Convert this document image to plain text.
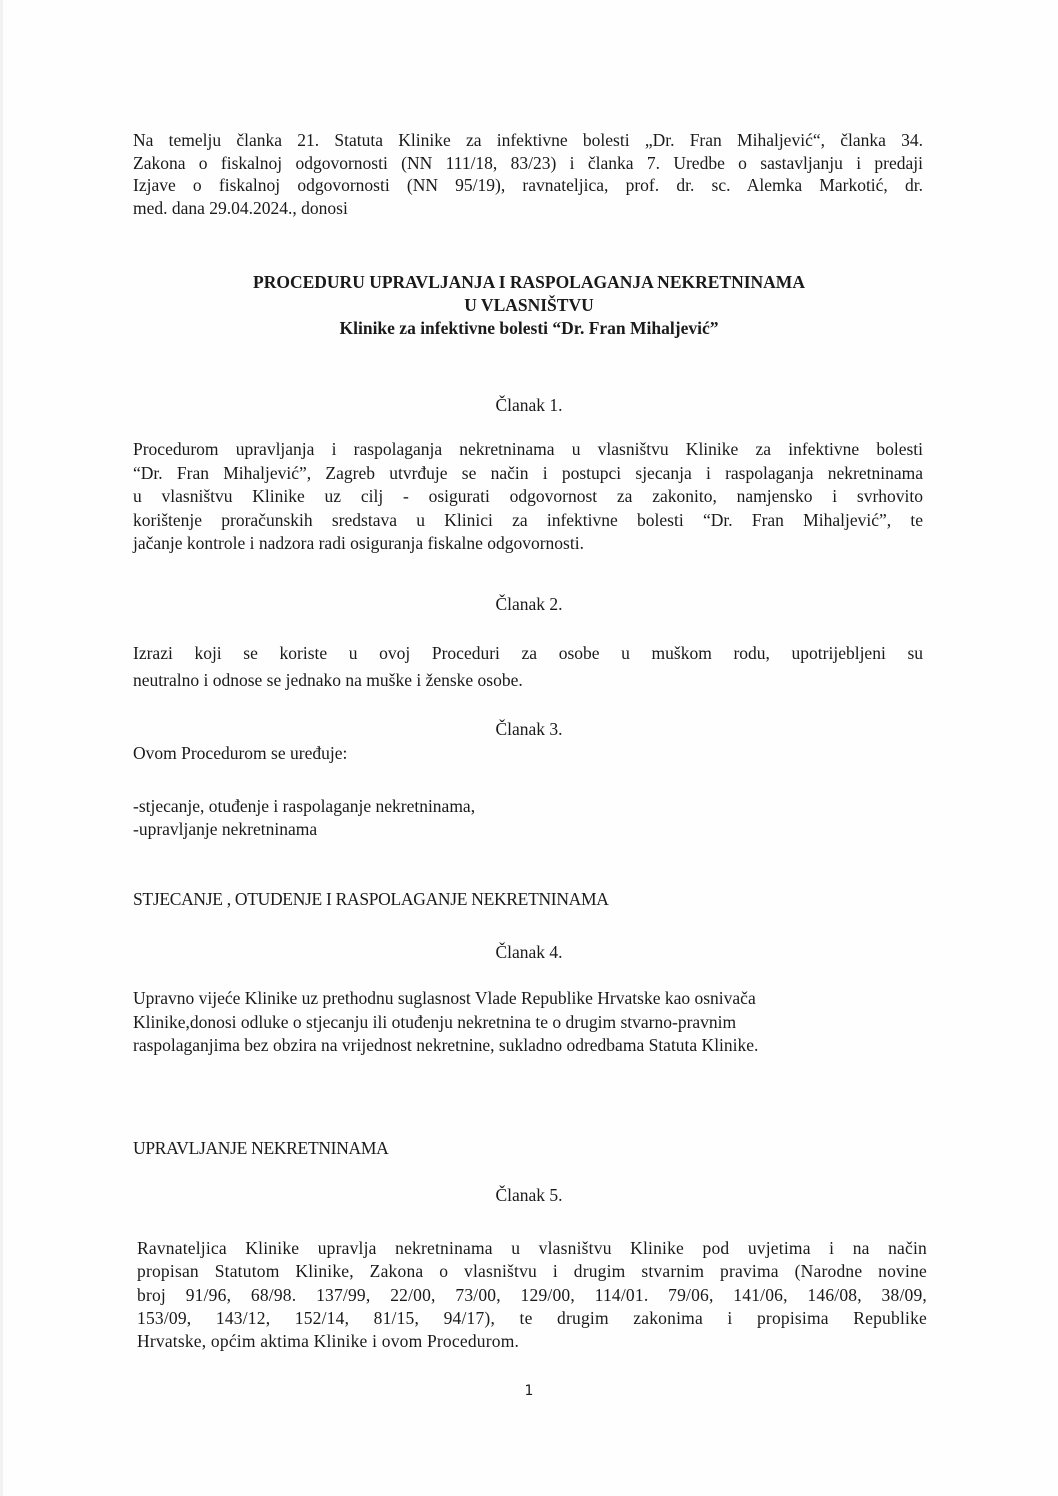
Na temelju članka 21. Statuta Klinike za infektivne bolesti „Dr. Fran Mihaljević“, članka 34.
Zakona o fiskalnoj odgovornosti (NN 111/18, 83/23) i članka 7. Uredbe o sastavljanju i predaji
Izjave o fiskalnoj odgovornosti (NN 95/19), ravnateljica, prof. dr. sc. Alemka Markotić, dr.
med. dana 29.04.2024., donosi
PROCEDURU UPRAVLJANJA I RASPOLAGANJA NEKRETNINAMA
U VLASNIŠTVU
Klinike za infektivne bolesti “Dr. Fran Mihaljević”
Članak 1.
Procedurom upravljanja i raspolaganja nekretninama u vlasništvu Klinike za infektivne bolesti
“Dr. Fran Mihaljević”, Zagreb utvrđuje se način i postupci sjecanja i raspolaganja nekretninama
u vlasništvu Klinike uz cilj - osigurati odgovornost za zakonito, namjensko i svrhovito
korištenje proračunskih sredstava u Klinici za infektivne bolesti “Dr. Fran Mihaljević”, te
jačanje kontrole i nadzora radi osiguranja fiskalne odgovornosti.
Članak 2.
Izrazi koji se koriste u ovoj Proceduri za osobe u muškom rodu, upotrijebljeni su
neutralno i odnose se jednako na muške i ženske osobe.
Članak 3.
Ovom Procedurom se uređuje:
-stjecanje, otuđenje i raspolaganje nekretninama,
-upravljanje nekretninama
STJECANJE , OTUDENJE I RASPOLAGANJE NEKRETNINAMA
Članak 4.
Upravno vijeće Klinike uz prethodnu suglasnost Vlade Republike Hrvatske kao osnivača
Klinike,donosi odluke o stjecanju ili otuđenju nekretnina te o drugim stvarno-pravnim
raspolaganjima bez obzira na vrijednost nekretnine, sukladno odredbama Statuta Klinike.
UPRAVLJANJE NEKRETNINAMA
Članak 5.
Ravnateljica Klinike upravlja nekretninama u vlasništvu Klinike pod uvjetima i na način
propisan Statutom Klinike, Zakona o vlasništvu i drugim stvarnim pravima (Narodne novine
broj 91/96, 68/98. 137/99, 22/00, 73/00, 129/00, 114/01. 79/06, 141/06, 146/08, 38/09,
153/09, 143/12, 152/14, 81/15, 94/17), te drugim zakonima i propisima Republike
Hrvatske, općim aktima Klinike i ovom Procedurom.
1
